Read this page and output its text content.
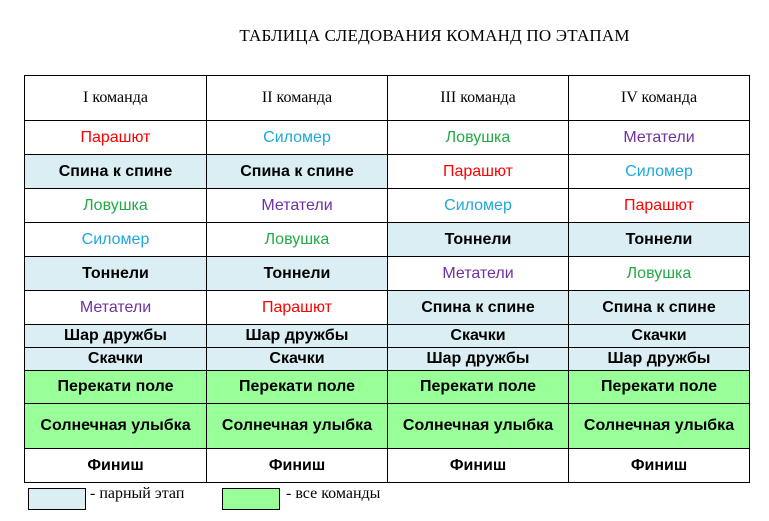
ТАБЛИЦА СЛЕДОВАНИЯ КОМАНД ПО ЭТАПАМ
I команда	II команда	III команда	IV команда
Парашют	Силомер	Ловушка	Метатели
Спина к спине	Спина к спине	Парашют	Силомер
Ловушка	Метатели	Силомер	Парашют
Силомер	Ловушка	Тоннели	Тоннели
Тоннели	Тоннели	Метатели	Ловушка
Метатели	Парашют	Спина к спине	Спина к спине
Шар дружбы	Шар дружбы	Скачки	Скачки
Скачки	Скачки	Шар дружбы	Шар дружбы
Перекати поле	Перекати поле	Перекати поле	Перекати поле
Солнечная улыбка	Солнечная улыбка	Солнечная улыбка	Солнечная улыбка
Финиш	Финиш	Финиш	Финиш
- парный этап	- все команды
